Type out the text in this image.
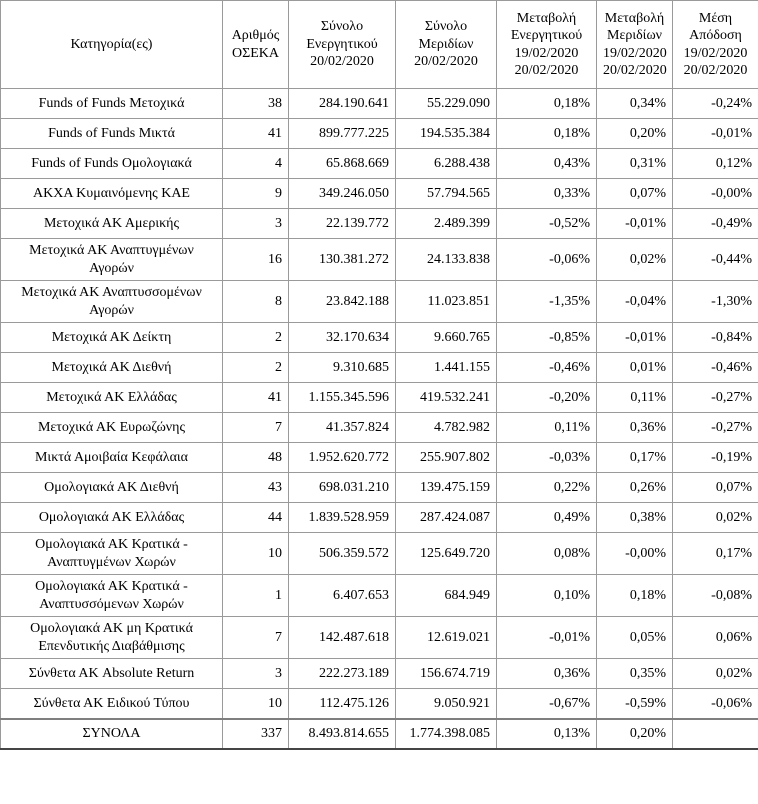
Κατηγορία(ες)	Αριθμός ΟΣΕΚΑ	Σύνολο Ενεργητικού 20/02/2020	Σύνολο Μεριδίων 20/02/2020	Μεταβολή Ενεργητικού 19/02/2020 20/02/2020	Μεταβολή Μεριδίων 19/02/2020 20/02/2020	Μέση Απόδοση 19/02/2020 20/02/2020
Funds of Funds Μετοχικά	38	284.190.641	55.229.090	0,18%	0,34%	-0,24%
Funds of Funds Μικτά	41	899.777.225	194.535.384	0,18%	0,20%	-0,01%
Funds of Funds Ομολογιακά	4	65.868.669	6.288.438	0,43%	0,31%	0,12%
ΑΚΧΑ Κυμαινόμενης ΚΑΕ	9	349.246.050	57.794.565	0,33%	0,07%	-0,00%
Μετοχικά ΑΚ Αμερικής	3	22.139.772	2.489.399	-0,52%	-0,01%	-0,49%
Μετοχικά ΑΚ Αναπτυγμένων Αγορών	16	130.381.272	24.133.838	-0,06%	0,02%	-0,44%
Μετοχικά ΑΚ Αναπτυσσομένων Αγορών	8	23.842.188	11.023.851	-1,35%	-0,04%	-1,30%
Μετοχικά ΑΚ Δείκτη	2	32.170.634	9.660.765	-0,85%	-0,01%	-0,84%
Μετοχικά ΑΚ Διεθνή	2	9.310.685	1.441.155	-0,46%	0,01%	-0,46%
Μετοχικά ΑΚ Ελλάδας	41	1.155.345.596	419.532.241	-0,20%	0,11%	-0,27%
Μετοχικά ΑΚ Ευρωζώνης	7	41.357.824	4.782.982	0,11%	0,36%	-0,27%
Μικτά Αμοιβαία Κεφάλαια	48	1.952.620.772	255.907.802	-0,03%	0,17%	-0,19%
Ομολογιακά ΑΚ Διεθνή	43	698.031.210	139.475.159	0,22%	0,26%	0,07%
Ομολογιακά ΑΚ Ελλάδας	44	1.839.528.959	287.424.087	0,49%	0,38%	0,02%
Ομολογιακά ΑΚ Κρατικά - Αναπτυγμένων Χωρών	10	506.359.572	125.649.720	0,08%	-0,00%	0,17%
Ομολογιακά ΑΚ Κρατικά - Αναπτυσσόμενων Χωρών	1	6.407.653	684.949	0,10%	0,18%	-0,08%
Ομολογιακά ΑΚ μη Κρατικά Επενδυτικής Διαβάθμισης	7	142.487.618	12.619.021	-0,01%	0,05%	0,06%
Σύνθετα ΑΚ Absolute Return	3	222.273.189	156.674.719	0,36%	0,35%	0,02%
Σύνθετα ΑΚ Ειδικού Τύπου	10	112.475.126	9.050.921	-0,67%	-0,59%	-0,06%
ΣΥΝΟΛΑ	337	8.493.814.655	1.774.398.085	0,13%	0,20%	
